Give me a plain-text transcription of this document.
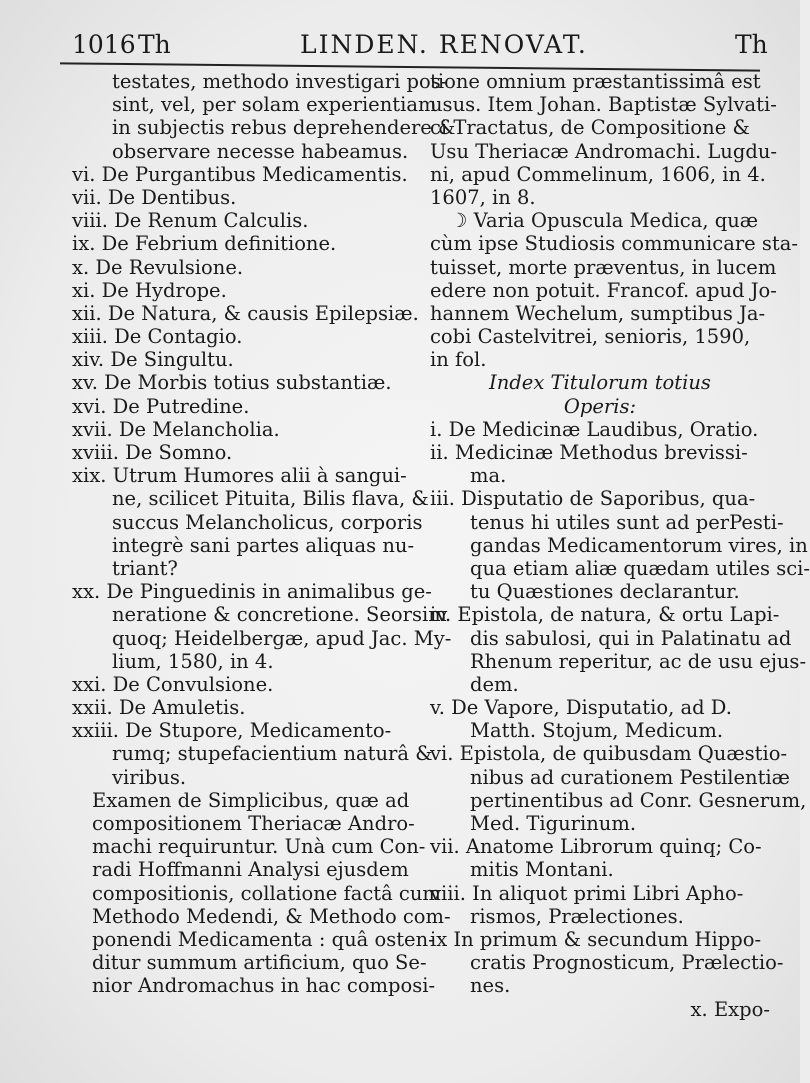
1016 Th	LINDEN. RENOVAT.	Th
testates, methodo investigari pos-
sint, vel, per solam experientiam
in subjectis rebus deprehendere &
observare necesse habeamus.
vi. De Purgantibus Medicamentis.
vii. De Dentibus.
viii. De Renum Calculis.
ix. De Febrium definitione.
x. De Revulsione.
xi. De Hydrope.
xii. De Natura, & causis Epilepsiæ.
xiii. De Contagio.
xiv. De Singultu.
xv. De Morbis totius substantiæ.
xvi. De Putredine.
xvii. De Melancholia.
xviii. De Somno.
xix. Utrum Humores alii à sangui-
ne, scilicet Pituita, Bilis flava, &
succus Melancholicus, corporis
integrè sani partes aliquas nu-
triant?
xx. De Pinguedinis in animalibus ge-
neratione & concretione. Seorsim
quoq; Heidelbergæ, apud Jac. My-
lium, 1580, in 4.
xxi. De Convulsione.
xxii. De Amuletis.
xxiii. De Stupore, Medicamento-
rumq; stupefacientium naturâ &
viribus.
Examen de Simplicibus, quæ ad
compositionem Theriacæ Andro-
machi requiruntur. Unà cum Con-
radi Hoffmanni Analysi ejusdem
compositionis, collatione factâ cum
Methodo Medendi, & Methodo com-
ponendi Medicamenta : quâ osten-
ditur summum artificium, quo Se-
nior Andromachus in hac composi-
tione omnium præstantissimâ est
usus. Item Johan. Baptistæ Sylvati-
ci Tractatus, de Compositione &
Usu Theriacæ Andromachi. Lugdu-
ni, apud Commelinum, 1606, in 4.
1607, in 8.
☽ Varia Opuscula Medica, quæ
cùm ipse Studiosis communicare sta-
tuisset, morte præventus, in lucem
edere non potuit. Francof. apud Jo-
hannem Wechelum, sumptibus Ja-
cobi Castelvitrei, senioris, 1590,
in fol.
Index Titulorum totius
Operis:
i. De Medicinæ Laudibus, Oratio.
ii. Medicinæ Methodus brevissi-
ma.
iii. Disputatio de Saporibus, qua-
tenus hi utiles sunt ad perPesti-
gandas Medicamentorum vires, in
qua etiam aliæ quædam utiles sci-
tu Quæstiones declarantur.
iv. Epistola, de natura, & ortu Lapi-
dis sabulosi, qui in Palatinatu ad
Rhenum reperitur, ac de usu ejus-
dem.
v. De Vapore, Disputatio, ad D.
Matth. Stojum, Medicum.
vi. Epistola, de quibusdam Quæstio-
nibus ad curationem Pestilentiæ
pertinentibus ad Conr. Gesnerum,
Med. Tigurinum.
vii. Anatome Librorum quinq; Co-
mitis Montani.
viii. In aliquot primi Libri Apho-
rismos, Prælectiones.
ix In primum & secundum Hippo-
cratis Prognosticum, Prælectio-
nes.
x. Expo-
